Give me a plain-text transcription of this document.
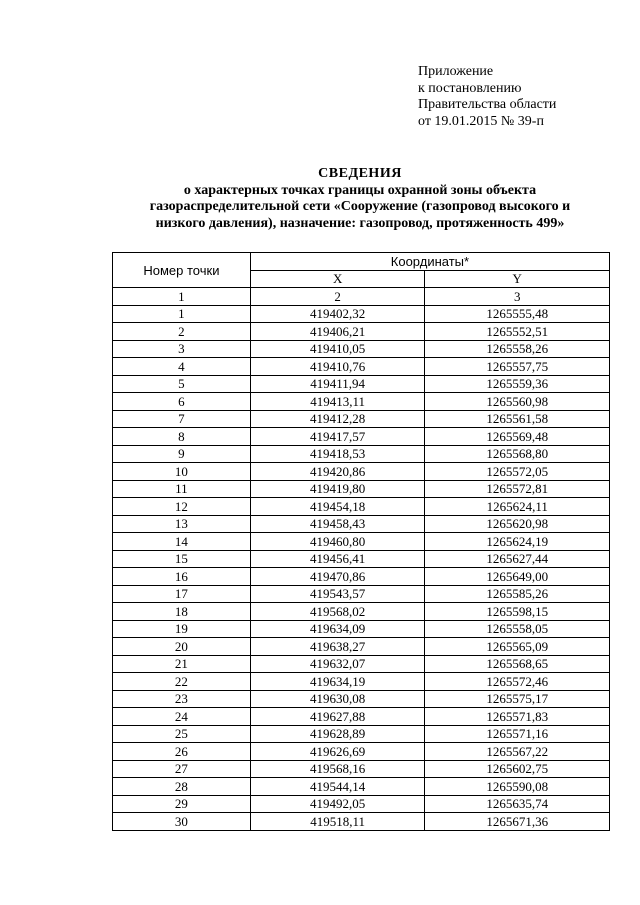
Приложение
к постановлению
Правительства области
от 19.01.2015 № 39-п
СВЕДЕНИЯ
о характерных точках границы охранной зоны объекта
газораспределительной сети «Сооружение (газопровод высокого и
низкого давления), назначение: газопровод, протяженность 499»
Номер точки	Координаты*	
	X	Y
1	2	3
1	419402,32	1265555,48
2	419406,21	1265552,51
3	419410,05	1265558,26
4	419410,76	1265557,75
5	419411,94	1265559,36
6	419413,11	1265560,98
7	419412,28	1265561,58
8	419417,57	1265569,48
9	419418,53	1265568,80
10	419420,86	1265572,05
11	419419,80	1265572,81
12	419454,18	1265624,11
13	419458,43	1265620,98
14	419460,80	1265624,19
15	419456,41	1265627,44
16	419470,86	1265649,00
17	419543,57	1265585,26
18	419568,02	1265598,15
19	419634,09	1265558,05
20	419638,27	1265565,09
21	419632,07	1265568,65
22	419634,19	1265572,46
23	419630,08	1265575,17
24	419627,88	1265571,83
25	419628,89	1265571,16
26	419626,69	1265567,22
27	419568,16	1265602,75
28	419544,14	1265590,08
29	419492,05	1265635,74
30	419518,11	1265671,36
